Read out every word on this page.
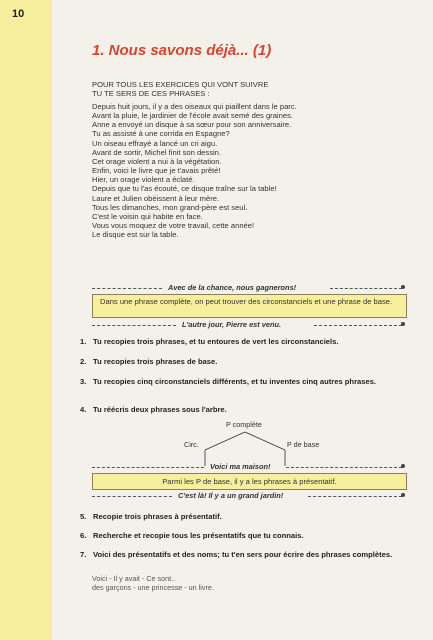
10
1. Nous savons déjà... (1)
POUR TOUS LES EXERCICES QUI VONT SUIVRE
TU TE SERS DE CES PHRASES :
Depuis huit jours, il y a des oiseaux qui piaillent dans le parc.
Avant la pluie, le jardinier de l'école avait semé des graines.
Anne a envoyé un disque à sa sœur pour son anniversaire.
Tu as assisté à une corrida en Espagne?
Un oiseau effrayé a lancé un cri aigu.
Avant de sortir, Michel finit son dessin.
Cet orage violent a nui à la végétation.
Enfin, voici le livre que je t'avais prêté!
Hier, un orage violent a éclaté.
Depuis que tu l'as écouté, ce disque traîne sur la table!
Laure et Julien obéissent à leur mère.
Tous les dimanches, mon grand-père est seul.
C'est le voisin qui habite en face.
Vous vous moquez de votre travail, cette année!
Le disque est sur la table.
Avec de la chance, nous gagnerons!
Dans une phrase complète, on peut trouver des circonstanciels et une phrase de base.
L'autre jour, Pierre est venu.
1. Tu recopies trois phrases, et tu entoures de vert les circonstanciels.
2. Tu recopies trois phrases de base.
3. Tu recopies cinq circonstanciels différents, et tu inventes cinq autres phrases.
4. Tu réécris deux phrases sous l'arbre.
P complète
Circ.	P de base
Voici ma maison!
Parmi les P de base, il y a les phrases à présentatif.
C'est là! Il y a un grand jardin!
5. Recopie trois phrases à présentatif.
6. Recherche et recopie tous les présentatifs que tu connais.
7. Voici des présentatifs et des noms; tu t'en sers pour écrire des phrases complètes.
Voici - Il y avait - Ce sont..
des garçons - une princesse - un livre.
